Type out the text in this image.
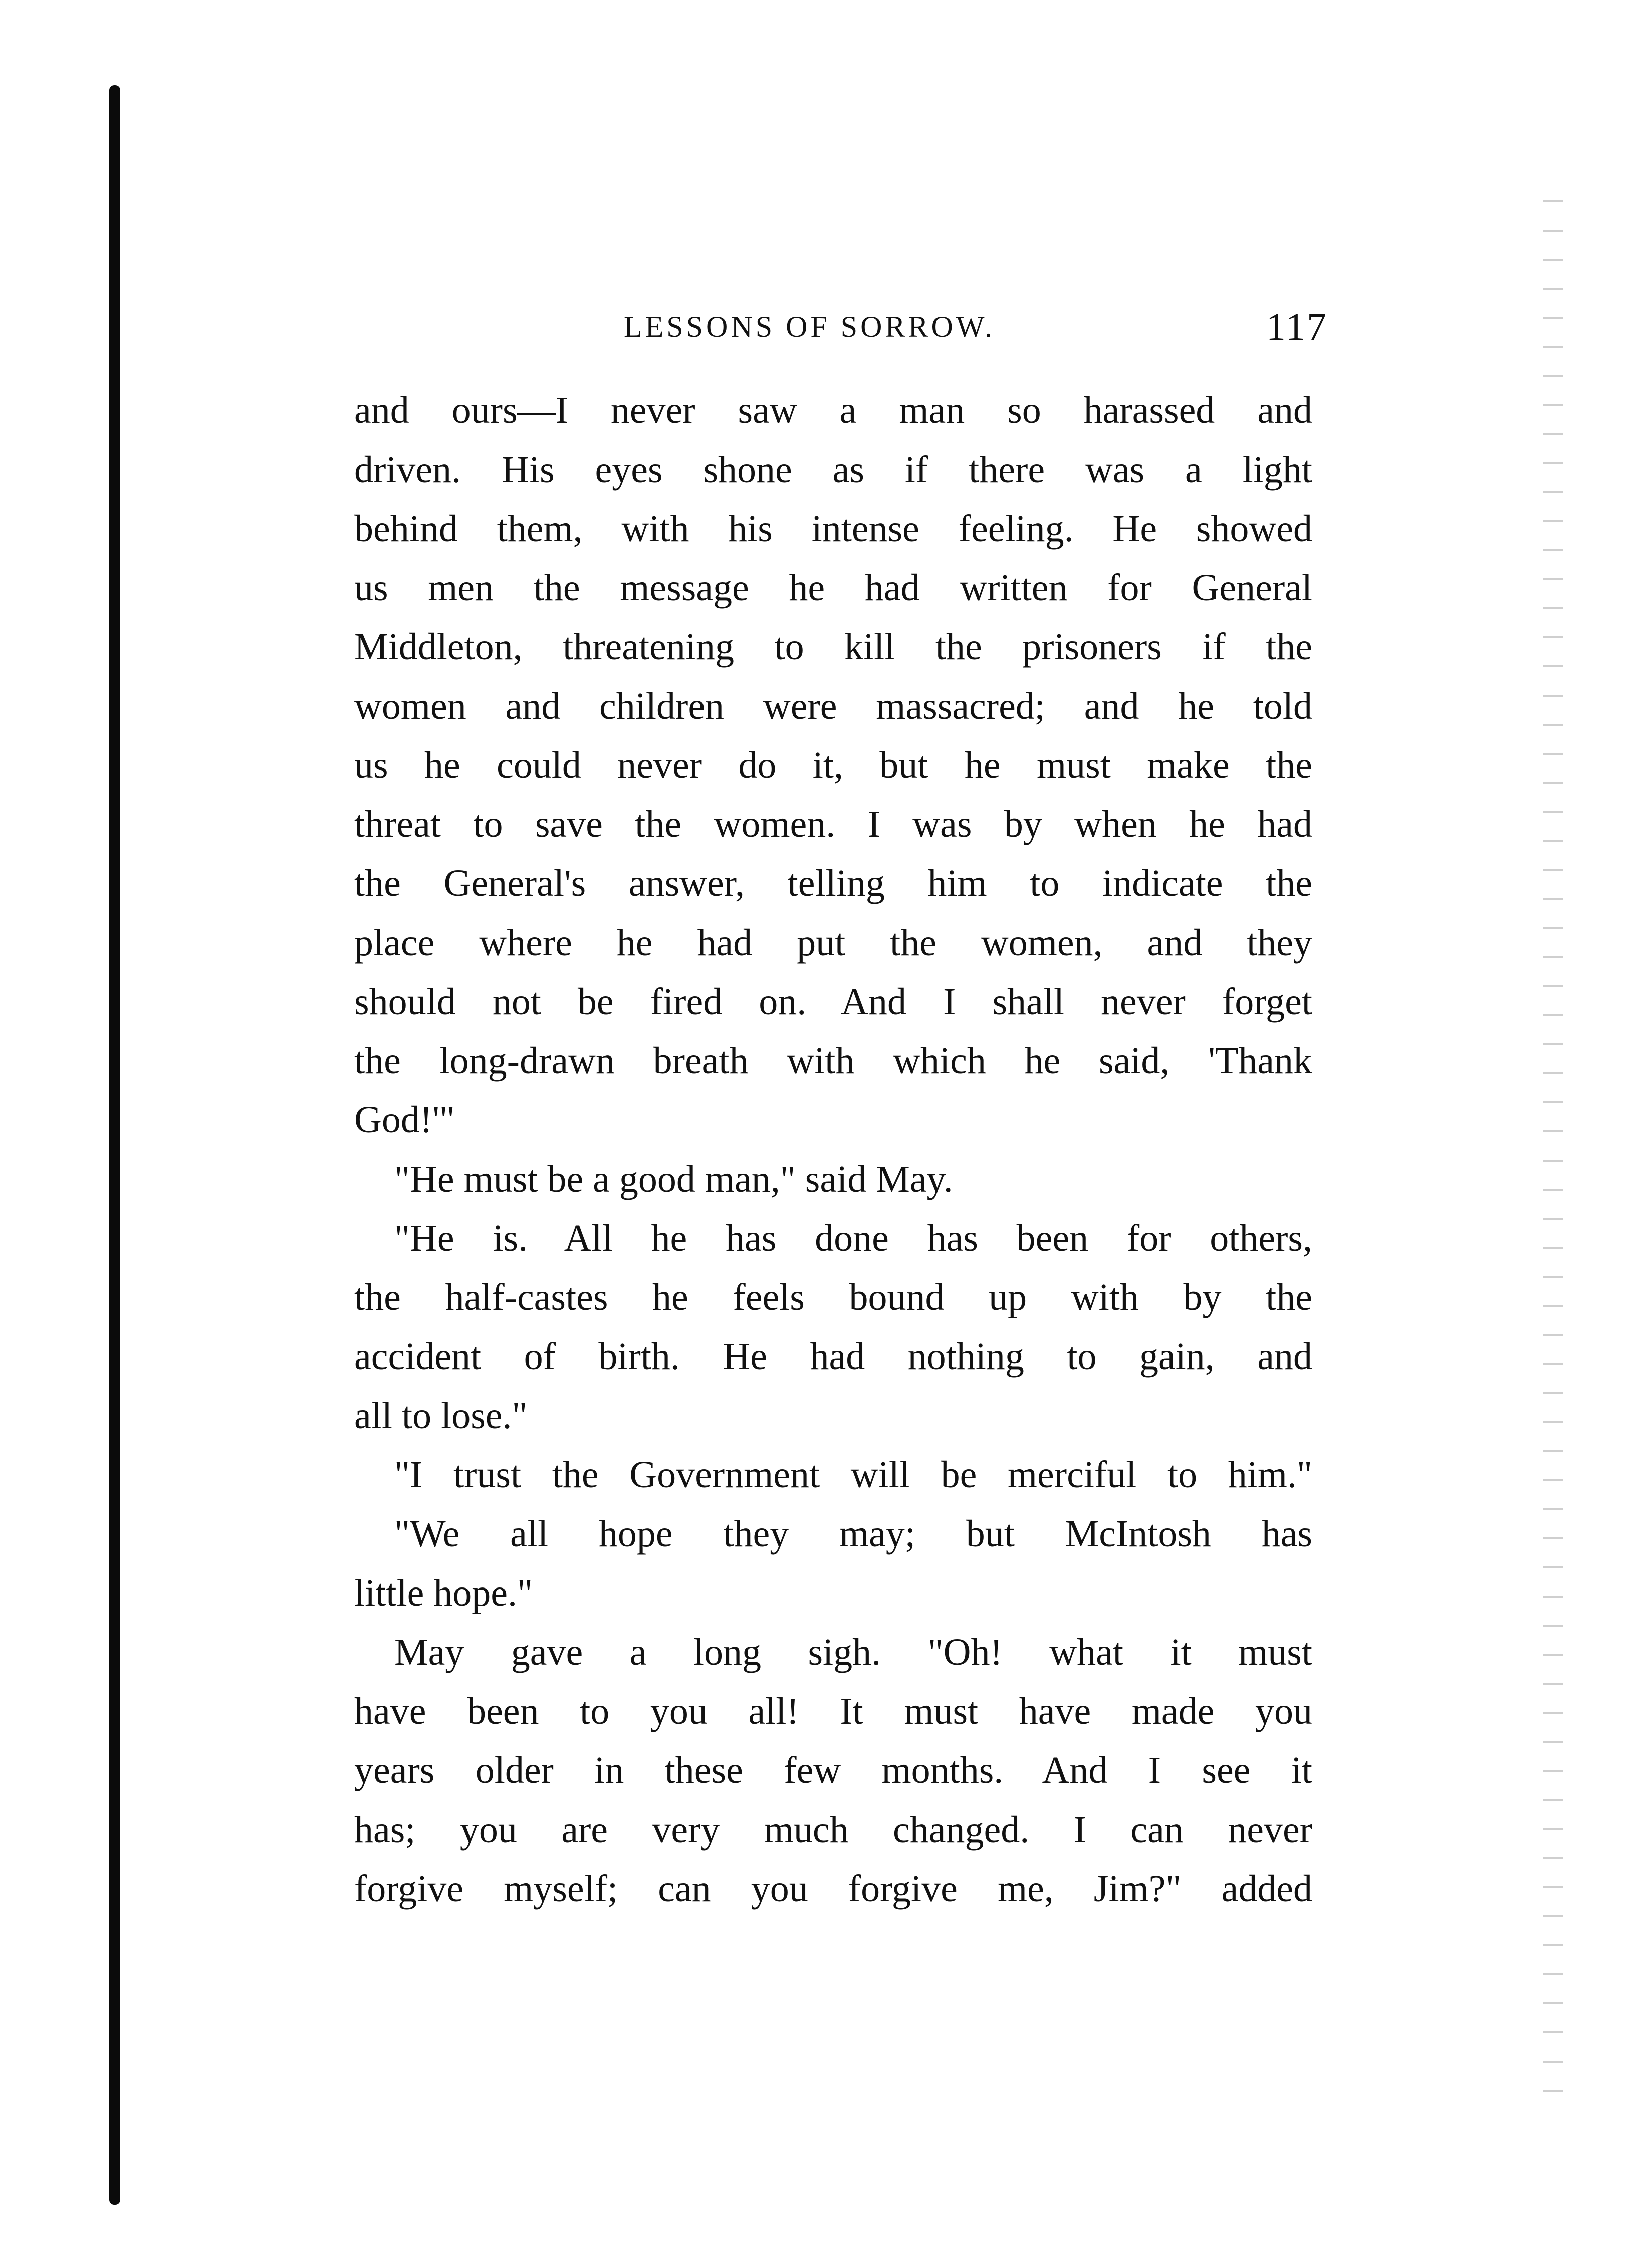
LESSONS OF SORROW.	117
and ours—I never saw a man so harassed and
driven. His eyes shone as if there was a light
behind them, with his intense feeling. He showed
us men the message he had written for General
Middleton, threatening to kill the prisoners if the
women and children were massacred; and he told
us he could never do it, but he must make the
threat to save the women. I was by when he had
the General's answer, telling him to indicate the
place where he had put the women, and they
should not be fired on. And I shall never forget
the long-drawn breath with which he said, 'Thank
God!'"
"He must be a good man," said May.
"He is. All he has done has been for others,
the half-castes he feels bound up with by the
accident of birth. He had nothing to gain, and
all to lose."
"I trust the Government will be merciful to him."
"We all hope they may; but McIntosh has
little hope."
May gave a long sigh. "Oh! what it must
have been to you all! It must have made you
years older in these few months. And I see it
has; you are very much changed. I can never
forgive myself; can you forgive me, Jim?" added
